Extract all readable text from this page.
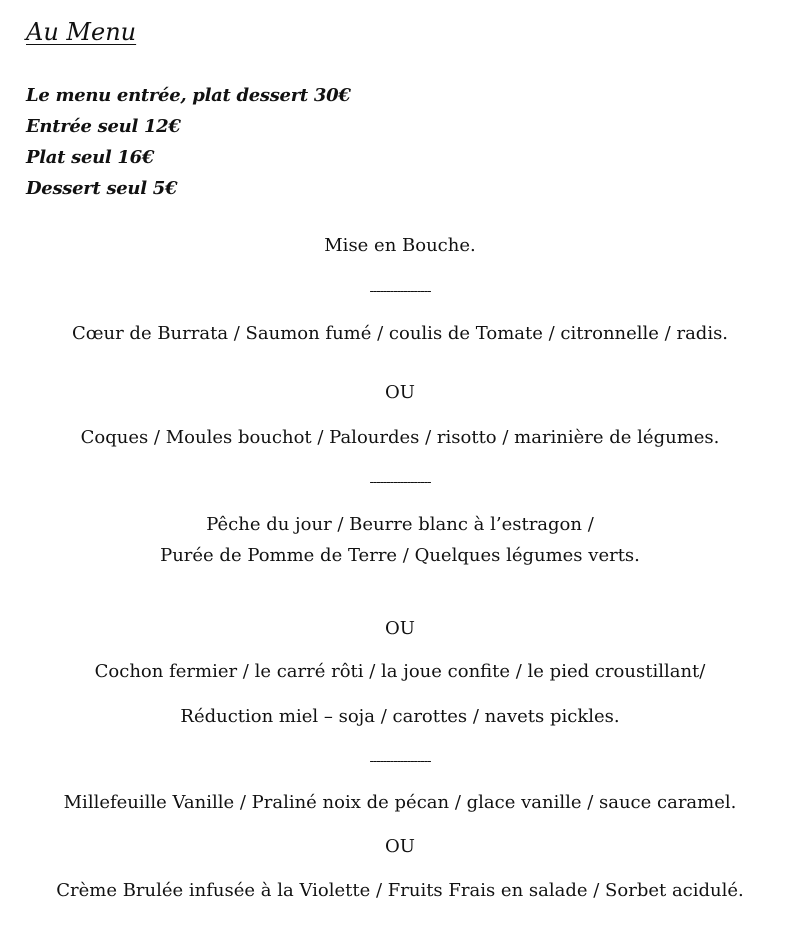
Au Menu
Le menu entrée, plat dessert 30€
Entrée seul 12€
Plat seul 16€
Dessert seul 5€
Mise en Bouche.
------------------
Cœur de Burrata / Saumon fumé / coulis de Tomate / citronnelle / radis.
OU
Coques / Moules bouchot / Palourdes / risotto / marinière de légumes.
------------------
Pêche du jour / Beurre blanc à l’estragon /
Purée de Pomme de Terre / Quelques légumes verts.
OU
Cochon fermier / le carré rôti / la joue confite / le pied croustillant/
Réduction miel – soja / carottes / navets pickles.
------------------
Millefeuille Vanille / Praliné noix de pécan / glace vanille / sauce caramel.
OU
Crème Brulée infusée à la Violette / Fruits Frais en salade / Sorbet acidulé.
